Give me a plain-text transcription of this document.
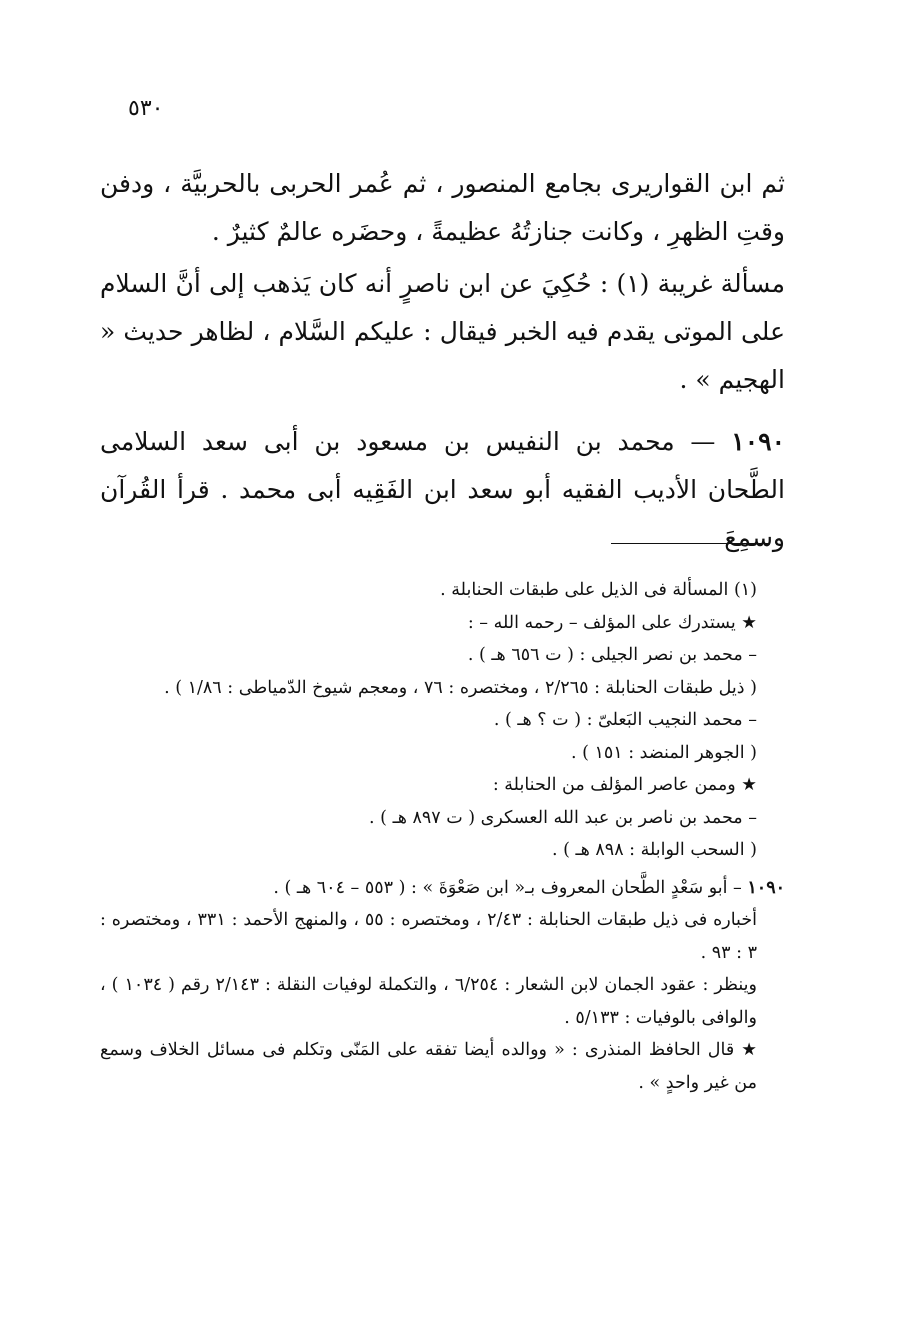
٥٣٠

ثم ابن القواريرى بجامع المنصور ، ثم عُمر الحربى بالحربيَّة ، ودفن وقتِ الظهرِ ، وكانت جنازتُهُ عظيمةً ، وحضَره عالمٌ كثيرٌ .

مسألة غريبة (١) : حُكِيَ عن ابن ناصرٍ أنه كان يَذهب إلى أنَّ السلام على الموتى يقدم فيه الخبر فيقال : عليكم السَّلام ، لظاهر حديث « الهجيم » .

١٠٩٠ — محمد بن النفيس بن مسعود بن أبى سعد السلامى الطَّحان الأديب الفقيه أبو سعد ابن الفَقِيه أبى محمد . قرأ القُرآن وسمِعَ

(١) المسألة فى الذيل على طبقات الحنابلة .

★ يستدرك على المؤلف – رحمه الله – :

– محمد بن نصر الجيلى : ( ت ٦٥٦ هـ ) .

( ذيل طبقات الحنابلة : ٢/٢٦٥ ، ومختصره : ٧٦ ، ومعجم شيوخ الدّمياطى : ١/٨٦ ) .

– محمد النجيب البَعلىّ : ( ت ؟ هـ ) .

( الجوهر المنضد : ١٥١ ) .

★ وممن عاصر المؤلف من الحنابلة :

– محمد بن ناصر بن عبد الله العسكرى ( ت ٨٩٧ هـ ) .

( السحب الوابلة : ٨٩٨ هـ ) .

١٠٩٠ – أبو سَعْدٍ الطَّحان المعروف بـ« ابن صَعْوَةَ » : ( ٥٥٣ – ٦٠٤ هـ ) .

أخباره فى ذيل طبقات الحنابلة : ٢/٤٣ ، ومختصره : ٥٥ ، والمنهج الأحمد : ٣٣١ ، ومختصره : ٣ : ٩٣ .

وينظر : عقود الجمان لابن الشعار : ٦/٢٥٤ ، والتكملة لوفيات النقلة : ٢/١٤٣ رقم ( ١٠٣٤ ) ، والوافى بالوفيات : ٥/١٣٣ .

★ قال الحافظ المنذرى : « ووالده أيضا تفقه على المَنّى وتكلم فى مسائل الخلاف وسمع من غير واحدٍ » .
